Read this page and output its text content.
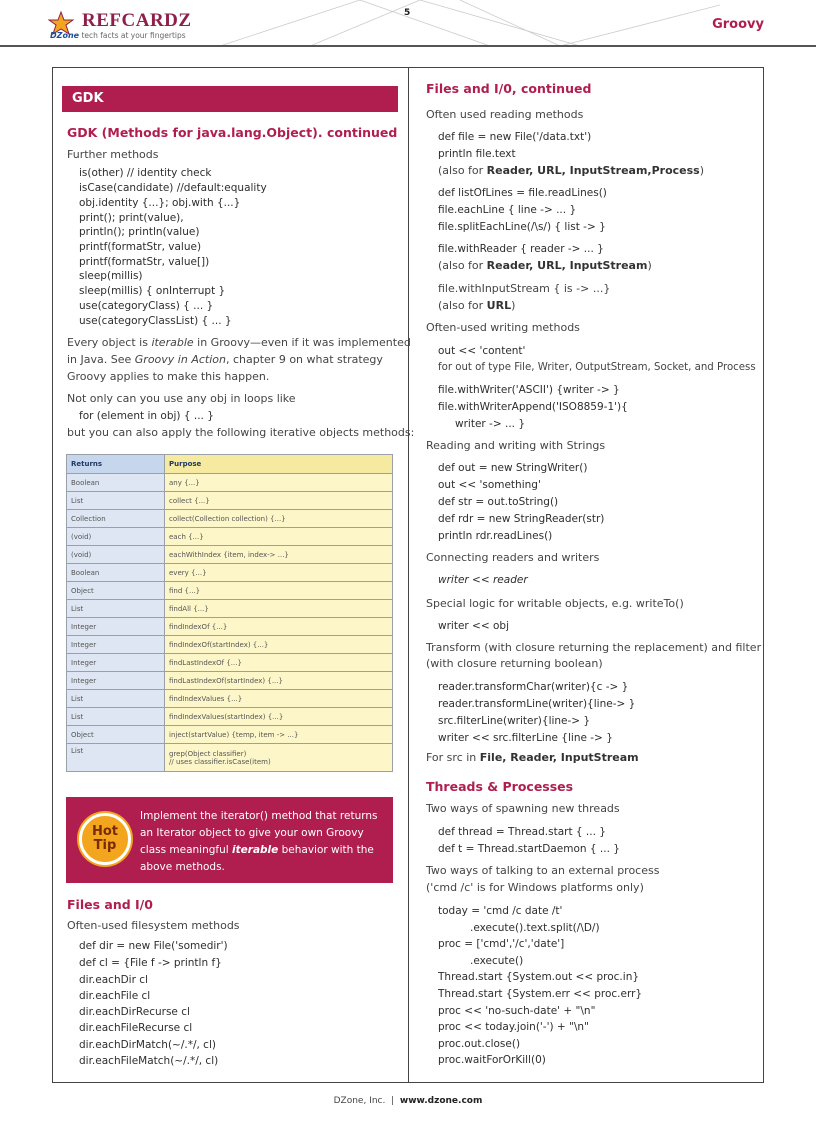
REFCARDZ
DZone tech facts at your fingertips
5
Groovy
GDK
GDK (Methods for java.lang.Object). continued
Further methods
is(other) // identity check
isCase(candidate) //default:equality
obj.identity {...}; obj.with {...}
print(); print(value),
println(); println(value)
printf(formatStr, value)
printf(formatStr, value[])
sleep(millis)
sleep(millis) { onInterrupt }
use(categoryClass) { ... }
use(categoryClassList) { ... }
Every object is iterable in Groovy—even if it was implemented
in Java. See Groovy in Action, chapter 9 on what strategy
Groovy applies to make this happen.
Not only can you use any obj in loops like
for (element in obj) { ... }
but you can also apply the following iterative objects methods:
Returns	Purpose
Boolean	any {...}
List	collect {...}
Collection	collect(Collection collection) {...}
(void)	each {...}
(void)	eachWithIndex {item, index-> ...}
Boolean	every {...}
Object	find {...}
List	findAll {...}
Integer	findIndexOf {...}
Integer	findIndexOf(startIndex) {...}
Integer	findLastIndexOf {...}
Integer	findLastIndexOf(startIndex) {...}
List	findIndexValues {...}
List	findIndexValues(startIndex) {...}
Object	inject(startValue) {temp, item -> ...}
List	grep(Object classifier)
// uses classifier.isCase(item)
Hot
Tip
Implement the iterator() method that returns
an Iterator object to give your own Groovy
class meaningful iterable behavior with the
above methods.
Files and I/0
Often-used filesystem methods
def dir = new File('somedir')
def cl = {File f -> println f}
dir.eachDir cl
dir.eachFile cl
dir.eachDirRecurse cl
dir.eachFileRecurse cl
dir.eachDirMatch(~/.*/, cl)
dir.eachFileMatch(~/.*/, cl)
Files and I/0, continued
Often used reading methods
def file = new File('/data.txt')
println file.text
(also for Reader, URL, InputStream,Process)
def listOfLines = file.readLines()
file.eachLine { line -> ... }
file.splitEachLine(/\s/) { list -> }
file.withReader { reader -> ... }
(also for Reader, URL, InputStream)
file.withInputStream { is -> ...}
(also for URL)
Often-used writing methods
out << 'content'
for out of type File, Writer, OutputStream, Socket, and Process
file.withWriter('ASCII') {writer -> }
file.withWriterAppend('ISO8859-1'){
writer -> ... }
Reading and writing with Strings
def out = new StringWriter()
out << 'something'
def str = out.toString()
def rdr = new StringReader(str)
println rdr.readLines()
Connecting readers and writers
writer << reader
Special logic for writable objects, e.g. writeTo()
writer << obj
Transform (with closure returning the replacement) and filter
(with closure returning boolean)
reader.transformChar(writer){c -> }
reader.transformLine(writer){line-> }
src.filterLine(writer){line-> }
writer << src.filterLine {line -> }
For src in File, Reader, InputStream
Threads & Processes
Two ways of spawning new threads
def thread = Thread.start { ... }
def t = Thread.startDaemon { ... }
Two ways of talking to an external process
('cmd /c' is for Windows platforms only)
today = 'cmd /c date /t'
.execute().text.split(/\D/)
proc = ['cmd','/c','date']
.execute()
Thread.start {System.out << proc.in}
Thread.start {System.err << proc.err}
proc << 'no-such-date' + "\n"
proc << today.join('-') + "\n"
proc.out.close()
proc.waitForOrKill(0)
DZone, Inc. | www.dzone.com
